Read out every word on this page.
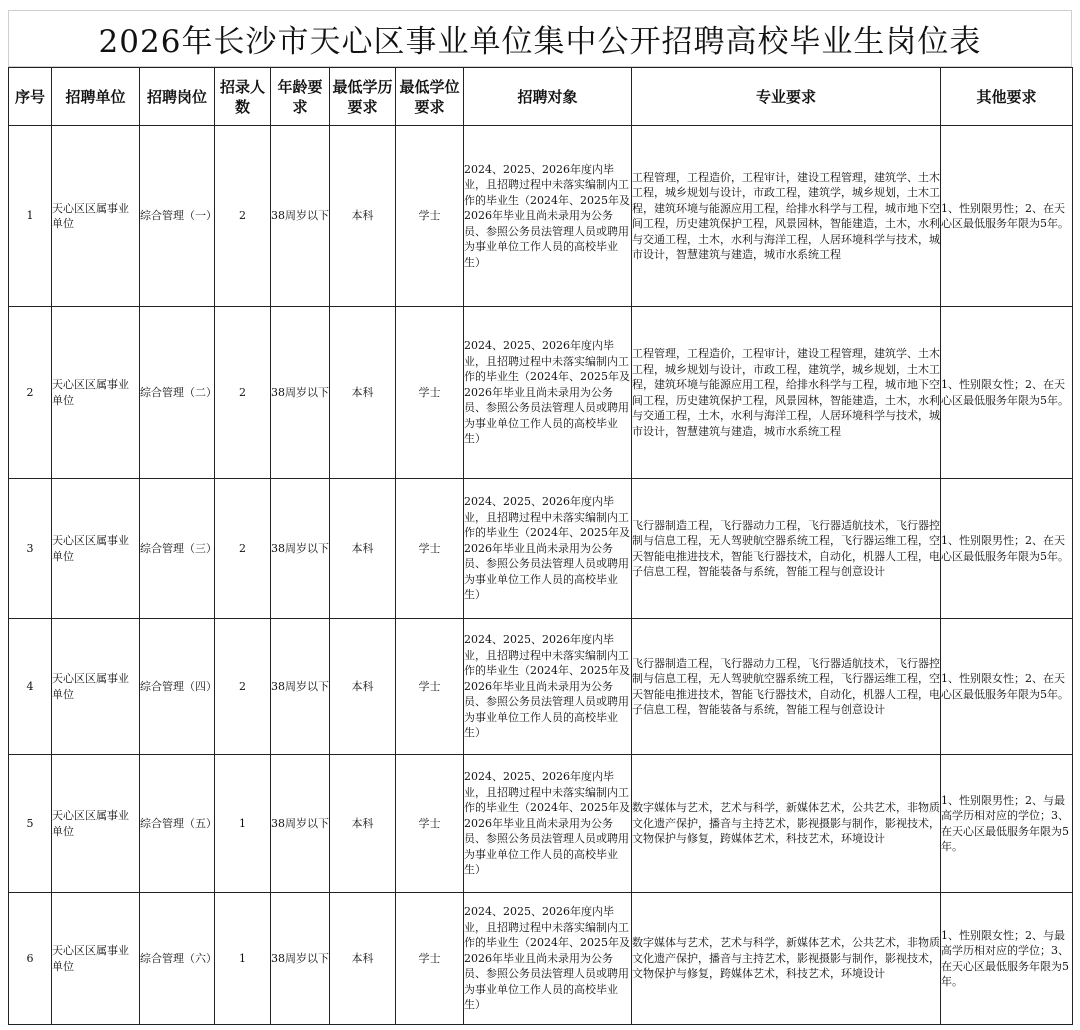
2026年长沙市天心区事业单位集中公开招聘高校毕业生岗位表
序号	招聘单位	招聘岗位	招录人数	年龄要求	最低学历要求	最低学位要求	招聘对象	专业要求	其他要求
1	天心区区属事业单位	综合管理（一）	2	38周岁以下	本科	学士	2024、2025、2026年度内毕业，且招聘过程中未落实编制内工作的毕业生（2024年、2025年及2026年毕业且尚未录用为公务员、参照公务员法管理人员或聘用为事业单位工作人员的高校毕业生）	工程管理，工程造价，工程审计，建设工程管理，建筑学、土木工程，城乡规划与设计，市政工程，建筑学，城乡规划，土木工程，建筑环境与能源应用工程，给排水科学与工程，城市地下空间工程，历史建筑保护工程，风景园林，智能建造，土木，水利与交通工程，土木，水利与海洋工程，人居环境科学与技术，城市设计，智慧建筑与建造，城市水系统工程	1、性别限男性；2、在天心区最低服务年限为5年。
2	天心区区属事业单位	综合管理（二）	2	38周岁以下	本科	学士	2024、2025、2026年度内毕业，且招聘过程中未落实编制内工作的毕业生（2024年、2025年及2026年毕业且尚未录用为公务员、参照公务员法管理人员或聘用为事业单位工作人员的高校毕业生）	工程管理，工程造价，工程审计，建设工程管理，建筑学、土木工程，城乡规划与设计，市政工程，建筑学，城乡规划，土木工程，建筑环境与能源应用工程，给排水科学与工程，城市地下空间工程，历史建筑保护工程，风景园林，智能建造，土木，水利与交通工程，土木，水利与海洋工程，人居环境科学与技术，城市设计，智慧建筑与建造，城市水系统工程	1、性别限女性；2、在天心区最低服务年限为5年。
3	天心区区属事业单位	综合管理（三）	2	38周岁以下	本科	学士	2024、2025、2026年度内毕业，且招聘过程中未落实编制内工作的毕业生（2024年、2025年及2026年毕业且尚未录用为公务员、参照公务员法管理人员或聘用为事业单位工作人员的高校毕业生）	飞行器制造工程，飞行器动力工程，飞行器适航技术，飞行器控制与信息工程，无人驾驶航空器系统工程，飞行器运维工程，空天智能电推进技术，智能飞行器技术，自动化，机器人工程，电子信息工程，智能装备与系统，智能工程与创意设计	1、性别限男性；2、在天心区最低服务年限为5年。
4	天心区区属事业单位	综合管理（四）	2	38周岁以下	本科	学士	2024、2025、2026年度内毕业，且招聘过程中未落实编制内工作的毕业生（2024年、2025年及2026年毕业且尚未录用为公务员、参照公务员法管理人员或聘用为事业单位工作人员的高校毕业生）	飞行器制造工程，飞行器动力工程，飞行器适航技术，飞行器控制与信息工程，无人驾驶航空器系统工程，飞行器运维工程，空天智能电推进技术，智能飞行器技术，自动化，机器人工程，电子信息工程，智能装备与系统，智能工程与创意设计	1、性别限女性；2、在天心区最低服务年限为5年。
5	天心区区属事业单位	综合管理（五）	1	38周岁以下	本科	学士	2024、2025、2026年度内毕业，且招聘过程中未落实编制内工作的毕业生（2024年、2025年及2026年毕业且尚未录用为公务员、参照公务员法管理人员或聘用为事业单位工作人员的高校毕业生）	数字媒体与艺术，艺术与科学，新媒体艺术，公共艺术，非物质文化遗产保护，播音与主持艺术，影视摄影与制作，影视技术，文物保护与修复，跨媒体艺术，科技艺术，环境设计	1、性别限男性；2、与最高学历相对应的学位；3、在天心区最低服务年限为5年。
6	天心区区属事业单位	综合管理（六）	1	38周岁以下	本科	学士	2024、2025、2026年度内毕业，且招聘过程中未落实编制内工作的毕业生（2024年、2025年及2026年毕业且尚未录用为公务员、参照公务员法管理人员或聘用为事业单位工作人员的高校毕业生）	数字媒体与艺术，艺术与科学，新媒体艺术，公共艺术，非物质文化遗产保护，播音与主持艺术，影视摄影与制作，影视技术，文物保护与修复，跨媒体艺术，科技艺术，环境设计	1、性别限女性；2、与最高学历相对应的学位；3、在天心区最低服务年限为5年。
